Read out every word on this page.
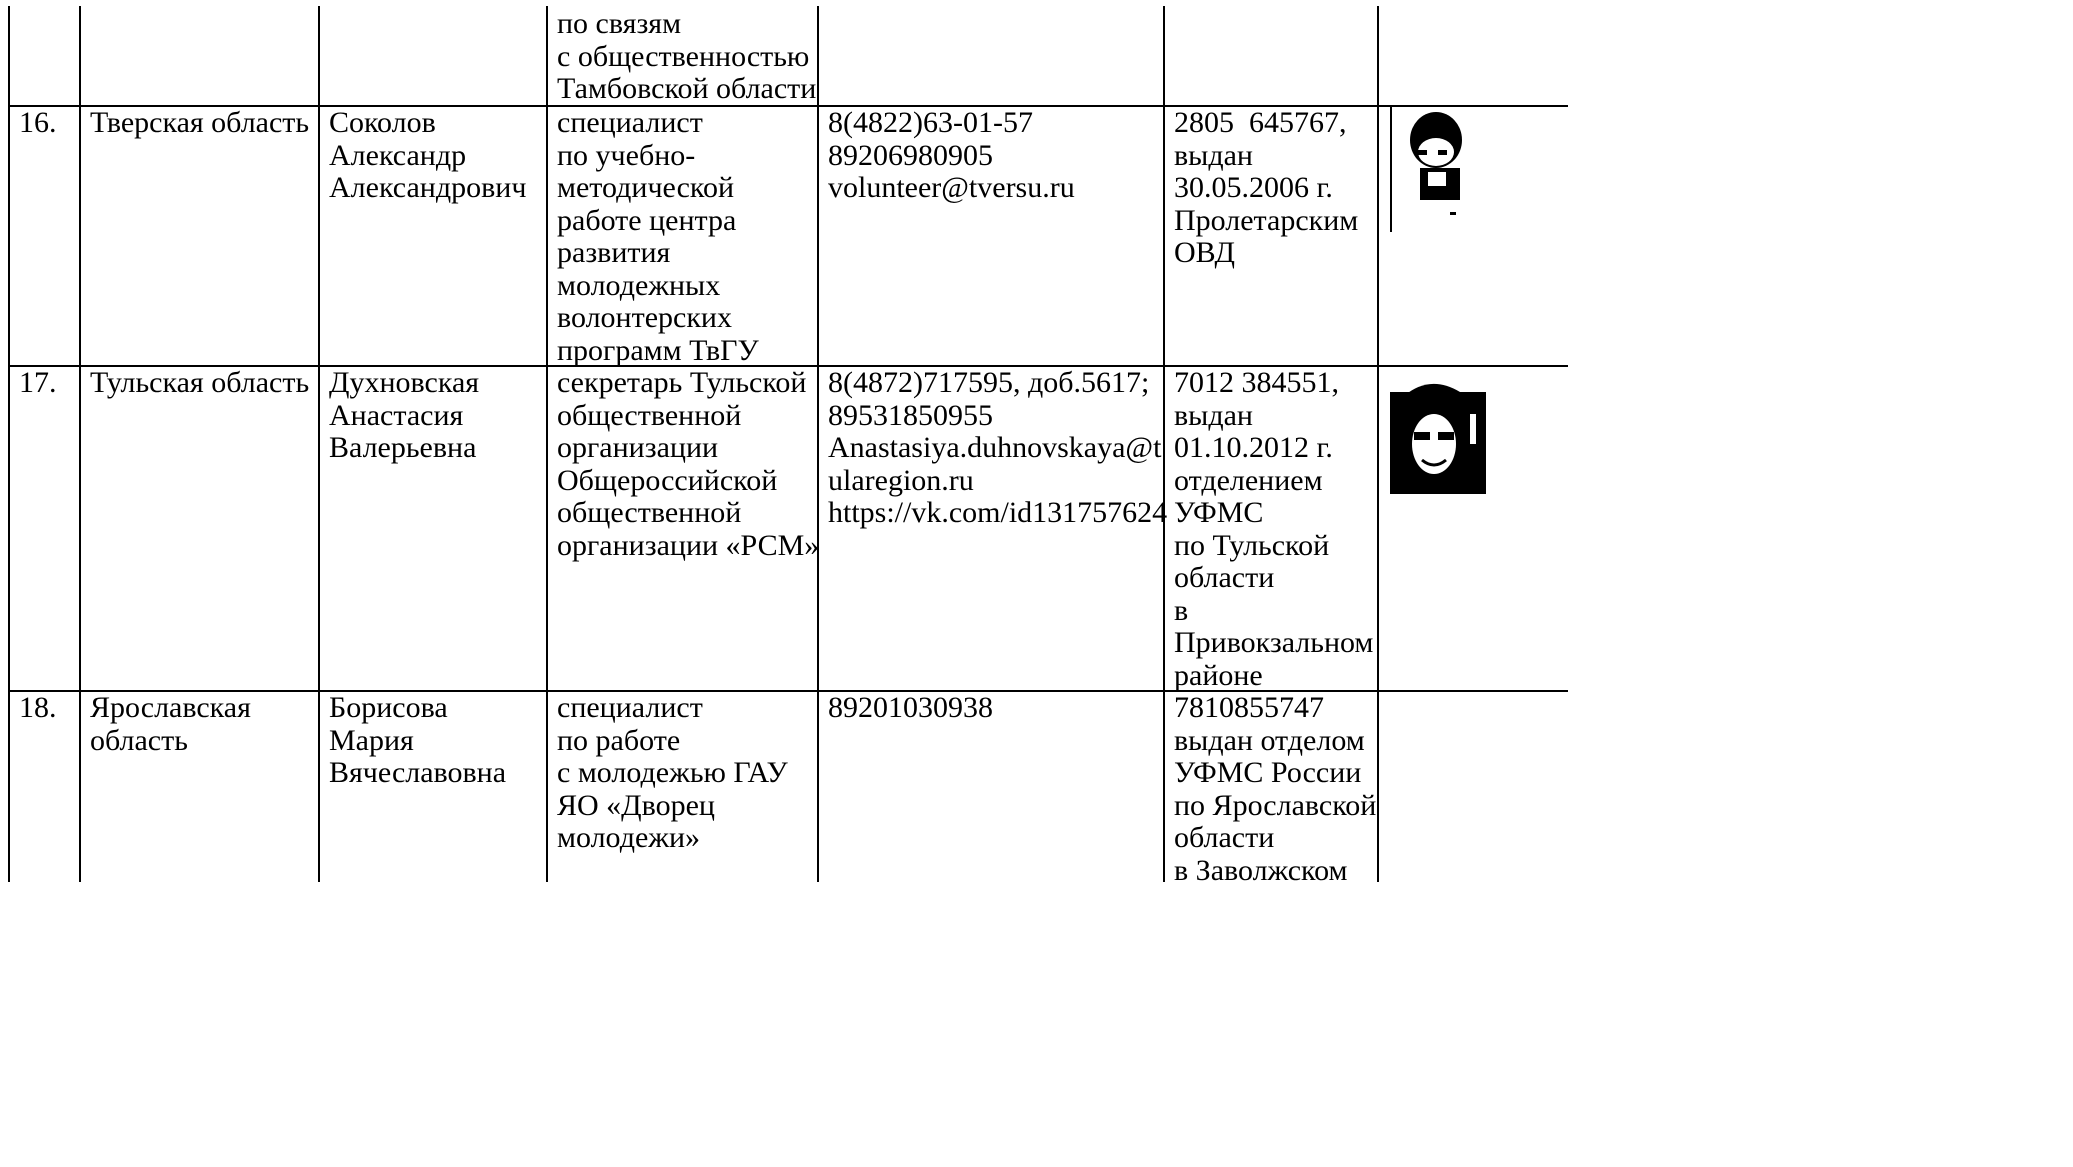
по связям
с общественностью
Тамбовской области
16. Тверская область Соколов
Александр
Александрович
специалист
по учебно-
методической
работе центра
развития
молодежных
волонтерских
программ ТвГУ
8(4822)63-01-57
89206980905
volunteer@tversu.ru
2805  645767,
выдан
30.05.2006 г.
Пролетарским
ОВД
17. Тульская область Духновская
Анастасия
Валерьевна
секретарь Тульской
общественной
организации
Общероссийской
общественной
организации «РСМ»
8(4872)717595, доб.5617;
89531850955
Anastasiya.duhnovskaya@t
ularegion.ru
https://vk.com/id131757624
7012 384551,
выдан
01.10.2012 г.
отделением
УФМС
по Тульской
области
в
Привокзальном
районе
18. Ярославская
область
Борисова
Мария
Вячеславовна
специалист
по работе
с молодежью ГАУ
ЯО «Дворец
молодежи»
89201030938	7810855747
выдан отделом
УФМС России
по Ярославской
области
в Заволжском
